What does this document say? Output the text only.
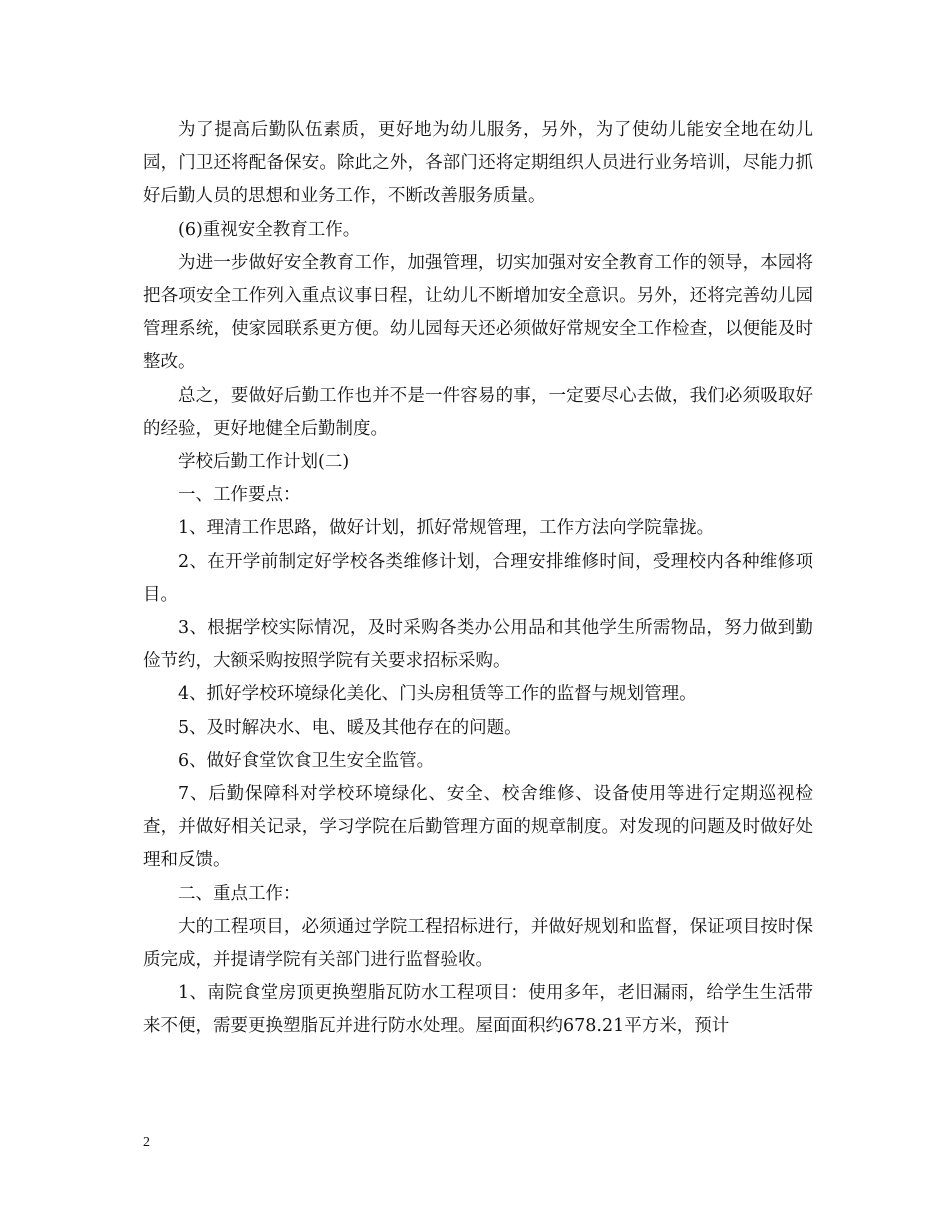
为了提高后勤队伍素质，更好地为幼儿服务，另外，为了使幼儿能安全地在幼儿园，门卫还将配备保安。除此之外，各部门还将定期组织人员进行业务培训，尽能力抓好后勤人员的思想和业务工作，不断改善服务质量。

(6)重视安全教育工作。

为进一步做好安全教育工作，加强管理，切实加强对安全教育工作的领导，本园将把各项安全工作列入重点议事日程，让幼儿不断增加安全意识。另外，还将完善幼儿园管理系统，使家园联系更方便。幼儿园每天还必须做好常规安全工作检查，以便能及时整改。

总之，要做好后勤工作也并不是一件容易的事，一定要尽心去做，我们必须吸取好的经验，更好地健全后勤制度。

学校后勤工作计划(二)

一、工作要点：

1、理清工作思路，做好计划，抓好常规管理，工作方法向学院靠拢。

2、在开学前制定好学校各类维修计划，合理安排维修时间，受理校内各种维修项目。

3、根据学校实际情况，及时采购各类办公用品和其他学生所需物品，努力做到勤俭节约，大额采购按照学院有关要求招标采购。

4、抓好学校环境绿化美化、门头房租赁等工作的监督与规划管理。

5、及时解决水、电、暖及其他存在的问题。

6、做好食堂饮食卫生安全监管。

7、后勤保障科对学校环境绿化、安全、校舍维修、设备使用等进行定期巡视检查，并做好相关记录，学习学院在后勤管理方面的规章制度。对发现的问题及时做好处理和反馈。

二、重点工作：

大的工程项目，必须通过学院工程招标进行，并做好规划和监督，保证项目按时保质完成，并提请学院有关部门进行监督验收。

1、南院食堂房顶更换塑脂瓦防水工程项目：使用多年，老旧漏雨，给学生生活带来不便，需要更换塑脂瓦并进行防水处理。屋面面积约678.21平方米，预计

2
